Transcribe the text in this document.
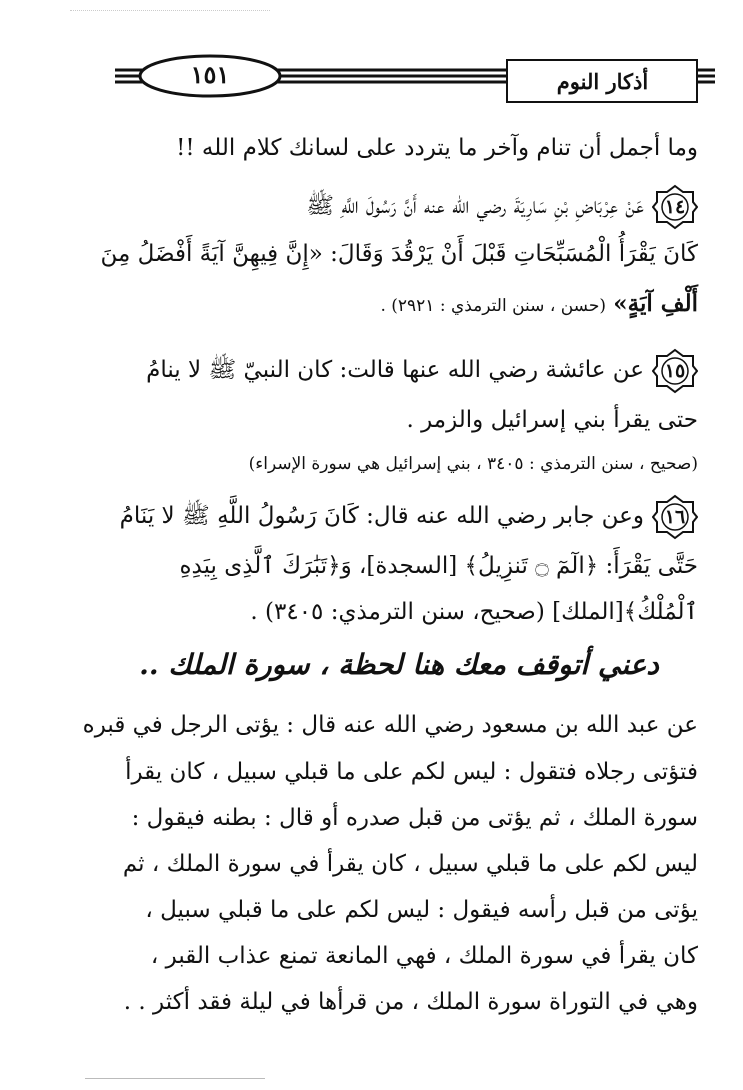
١٥١	أذكار النوم
وما أجمل أن تنام وآخر ما يتردد على لسانك كلام الله !!
١٤
عَنْ عِرْبَاضِ بْنِ سَارِيَةَ رضي الله عنه أَنَّ رَسُولَ اللَّهِ ﷺ
كَانَ يَقْرَأُ الْمُسَبِّحَاتِ قَبْلَ أَنْ يَرْقُدَ وَقَالَ: «إِنَّ فِيهِنَّ آيَةً أَفْضَلُ مِنَ
أَلْفِ آيَةٍ» (حسن ، سنن الترمذي : ٢٩٢١) .
١٥
عن عائشة رضي الله عنها قالت: كان النبيّ ﷺ لا ينامُ
حتى يقرأ بني إسرائيل والزمر .
(صحيح ، سنن الترمذي : ٣٤٠٥ ، بني إسرائيل هي سورة الإسراء)
١٦
وعن جابر رضي الله عنه قال: كَانَ رَسُولُ اللَّهِ ﷺ لا يَنَامُ
حَتَّى يَقْرَأَ: ﴿الٓمٓ ۝ تَنزِيلُ﴾ [السجدة]، وَ﴿تَبَٰرَكَ ٱلَّذِى بِيَدِهِ
ٱلْمُلْكُ﴾[الملك] (صحيح، سنن الترمذي: ٣٤٠٥) .
دعني أتوقف معك هنا لحظة ، سورة الملك ..
عن عبد الله بن مسعود رضي الله عنه قال : يؤتى الرجل في قبره
فتؤتى رجلاه فتقول : ليس لكم على ما قبلي سبيل ، كان يقرأ
سورة الملك ، ثم يؤتى من قبل صدره أو قال : بطنه فيقول :
ليس لكم على ما قبلي سبيل ، كان يقرأ في سورة الملك ، ثم
يؤتى من قبل رأسه فيقول : ليس لكم على ما قبلي سبيل ،
كان يقرأ في سورة الملك ، فهي المانعة تمنع عذاب القبر ،
وهي في التوراة سورة الملك ، من قرأها في ليلة فقد أكثر . .
